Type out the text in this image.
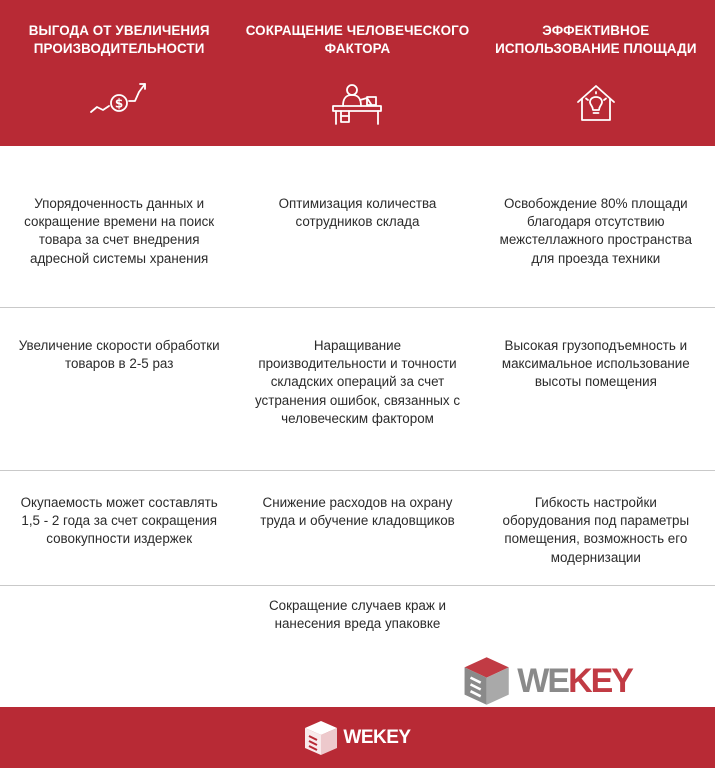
ВЫГОДА ОТ УВЕЛИЧЕНИЯ
ПРОИЗВОДИТЕЛЬНОСТИ
$
СОКРАЩЕНИЕ ЧЕЛОВЕЧЕСКОГО
ФАКТОРА
ЭФФЕКТИВНОЕ
ИСПОЛЬЗОВАНИЕ ПЛОЩАДИ
Упорядоченность данных и сокращение времени на поиск товара за счет внедрения адресной системы хранения
Оптимизация количества сотрудников склада
Освобождение 80% площади благодаря отсутствию межстеллажного пространства для проезда техники
Увеличение скорости обработки товаров в 2-5 раз
Наращивание производительности и точности складских операций за счет устранения ошибок, связанных с человеческим фактором
Высокая грузоподъемность и максимальное использование высоты помещения
Окупаемость может составлять 1,5 - 2 года за счет сокращения совокупности издержек
Снижение расходов на охрану труда и обучение кладовщиков
Гибкость настройки оборудования под параметры помещения, возможность его модернизации
Сокращение случаев краж и нанесения вреда упаковке
WEKEY
WEKEY
